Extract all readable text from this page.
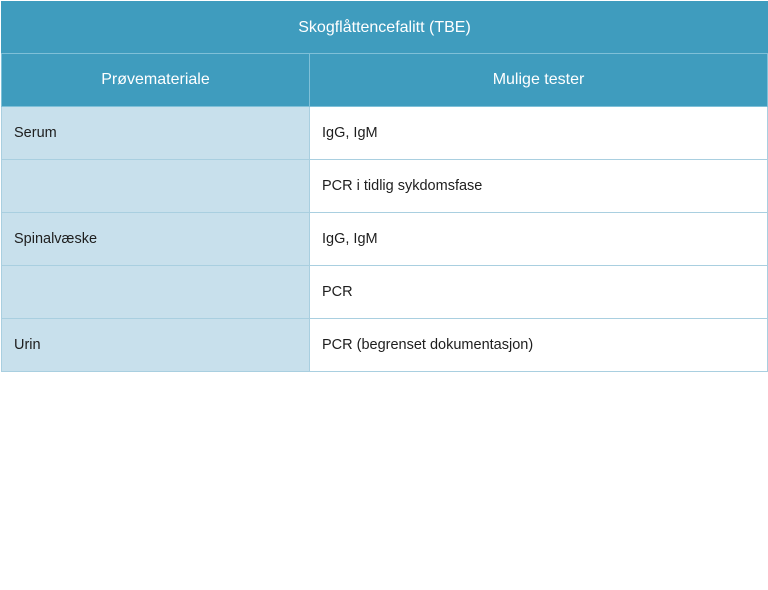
Skogflåttencefalitt (TBE)	
Prøvemateriale	Mulige tester
Serum	IgG, IgM
	PCR i tidlig sykdomsfase
Spinalvæske	IgG, IgM
	PCR
Urin	PCR (begrenset dokumentasjon)
